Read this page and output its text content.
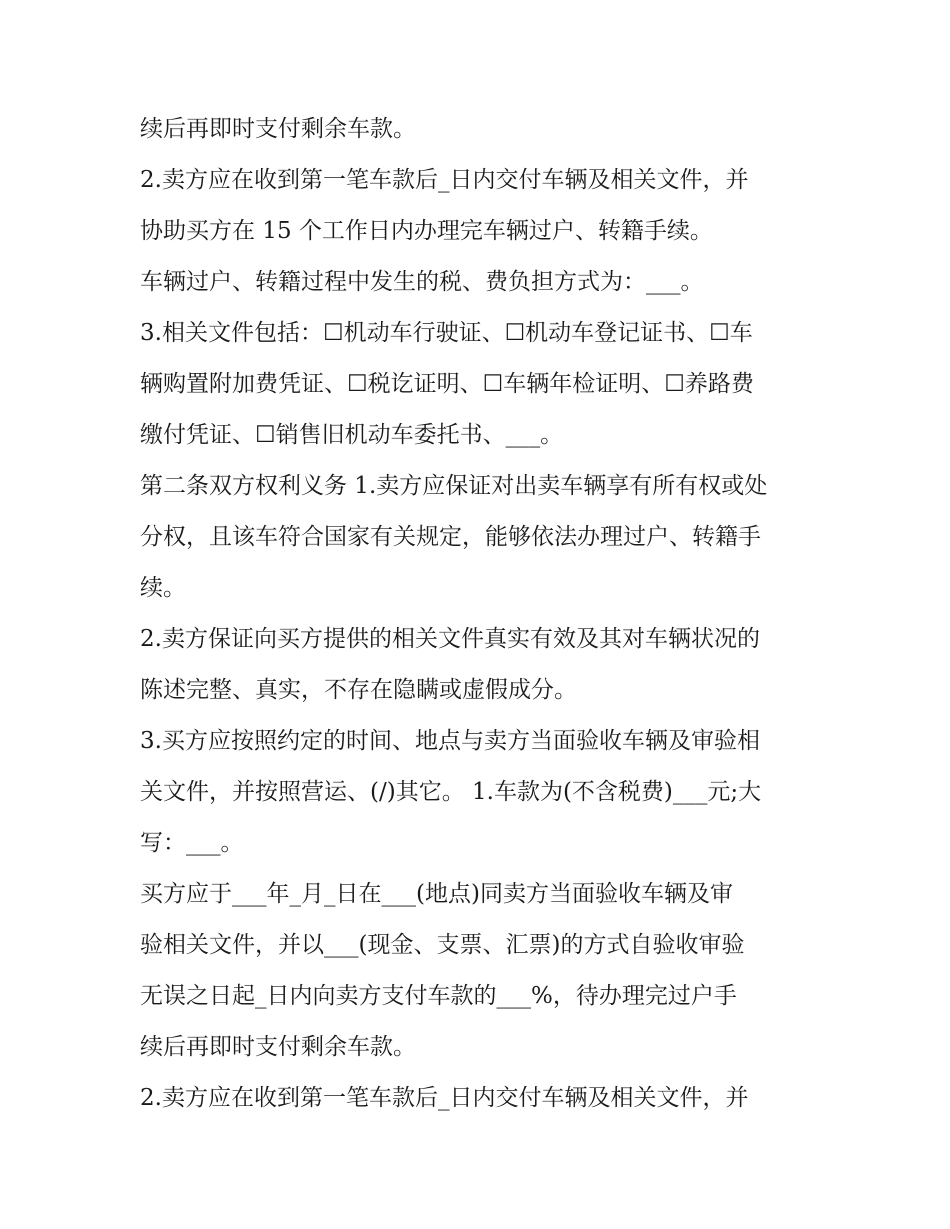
续后再即时支付剩余车款。

2.卖方应在收到第一笔车款后_日内交付车辆及相关文件，并

协助买方在 15 个工作日内办理完车辆过户、转籍手续。

车辆过户、转籍过程中发生的税、费负担方式为：___。

3.相关文件包括：☐机动车行驶证、☐机动车登记证书、☐车

辆购置附加费凭证、☐税讫证明、☐车辆年检证明、☐养路费

缴付凭证、☐销售旧机动车委托书、___。

第二条双方权利义务 1.卖方应保证对出卖车辆享有所有权或处

分权，且该车符合国家有关规定，能够依法办理过户、转籍手

续。

2.卖方保证向买方提供的相关文件真实有效及其对车辆状况的

陈述完整、真实，不存在隐瞒或虚假成分。

3.买方应按照约定的时间、地点与卖方当面验收车辆及审验相

关文件，并按照营运、(/)其它。 1.车款为(不含税费)___元;大

写：___。

买方应于___年_月_日在___(地点)同卖方当面验收车辆及审

验相关文件，并以___(现金、支票、汇票)的方式自验收审验

无误之日起_日内向卖方支付车款的___%，待办理完过户手

续后再即时支付剩余车款。

2.卖方应在收到第一笔车款后_日内交付车辆及相关文件，并
